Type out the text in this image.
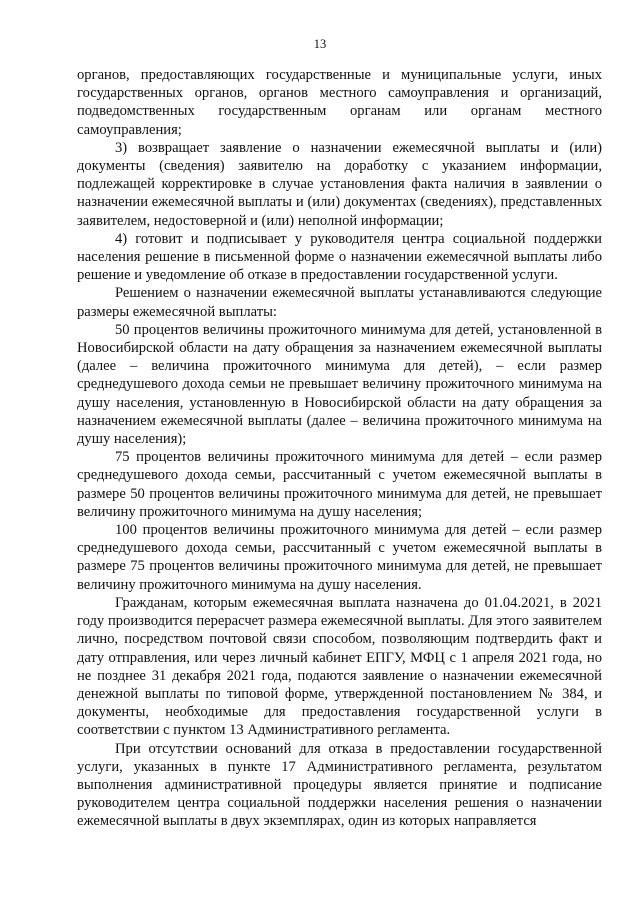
13

органов, предоставляющих государственные и муниципальные услуги, иных государственных органов, органов местного самоуправления и организаций, подведомственных государственным органам или органам местного самоуправления;

3) возвращает заявление о назначении ежемесячной выплаты и (или) документы (сведения) заявителю на доработку с указанием информации, подлежащей корректировке в случае установления факта наличия в заявлении о назначении ежемесячной выплаты и (или) документах (сведениях), представленных заявителем, недостоверной и (или) неполной информации;

4) готовит и подписывает у руководителя центра социальной поддержки населения решение в письменной форме о назначении ежемесячной выплаты либо решение и уведомление об отказе в предоставлении государственной услуги.

Решением о назначении ежемесячной выплаты устанавливаются следующие размеры ежемесячной выплаты:

50 процентов величины прожиточного минимума для детей, установленной в Новосибирской области на дату обращения за назначением ежемесячной выплаты (далее – величина прожиточного минимума для детей), – если размер среднедушевого дохода семьи не превышает величину прожиточного минимума на душу населения, установленную в Новосибирской области на дату обращения за назначением ежемесячной выплаты (далее – величина прожиточного минимума на душу населения);

75 процентов величины прожиточного минимума для детей – если размер среднедушевого дохода семьи, рассчитанный с учетом ежемесячной выплаты в размере 50 процентов величины прожиточного минимума для детей, не превышает величину прожиточного минимума на душу населения;

100 процентов величины прожиточного минимума для детей – если размер среднедушевого дохода семьи, рассчитанный с учетом ежемесячной выплаты в размере 75 процентов величины прожиточного минимума для детей, не превышает величину прожиточного минимума на душу населения.

Гражданам, которым ежемесячная выплата назначена до 01.04.2021, в 2021 году производится перерасчет размера ежемесячной выплаты. Для этого заявителем лично, посредством почтовой связи способом, позволяющим подтвердить факт и дату отправления, или через личный кабинет ЕПГУ, МФЦ с 1 апреля 2021 года, но не позднее 31 декабря 2021 года, подаются заявление о назначении ежемесячной денежной выплаты по типовой форме, утвержденной постановлением № 384, и документы, необходимые для предоставления государственной услуги в соответствии с пунктом 13 Административного регламента.

При отсутствии оснований для отказа в предоставлении государственной услуги, указанных в пункте 17 Административного регламента, результатом выполнения административной процедуры является принятие и подписание руководителем центра социальной поддержки населения решения о назначении ежемесячной выплаты в двух экземплярах, один из которых направляется
